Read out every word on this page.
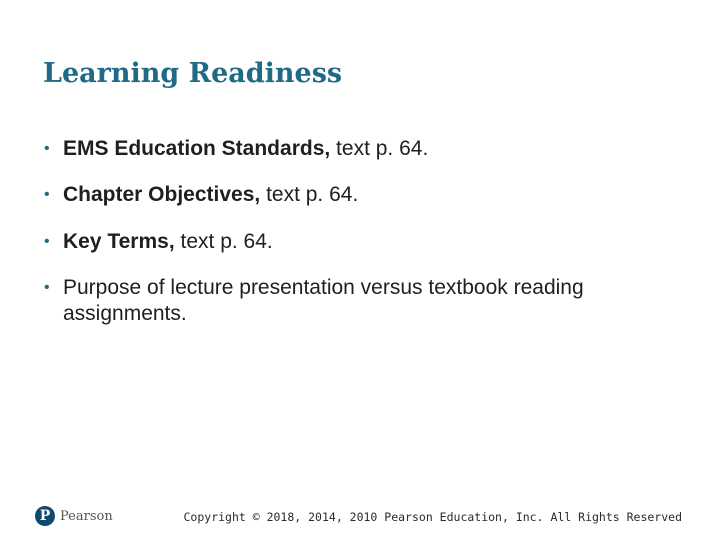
Learning Readiness
• EMS Education Standards, text p. 64.
• Chapter Objectives, text p. 64.
• Key Terms, text p. 64.
• Purpose of lecture presentation versus textbook reading assignments.
P Pearson	Copyright © 2018, 2014, 2010 Pearson Education, Inc. All Rights Reserved
